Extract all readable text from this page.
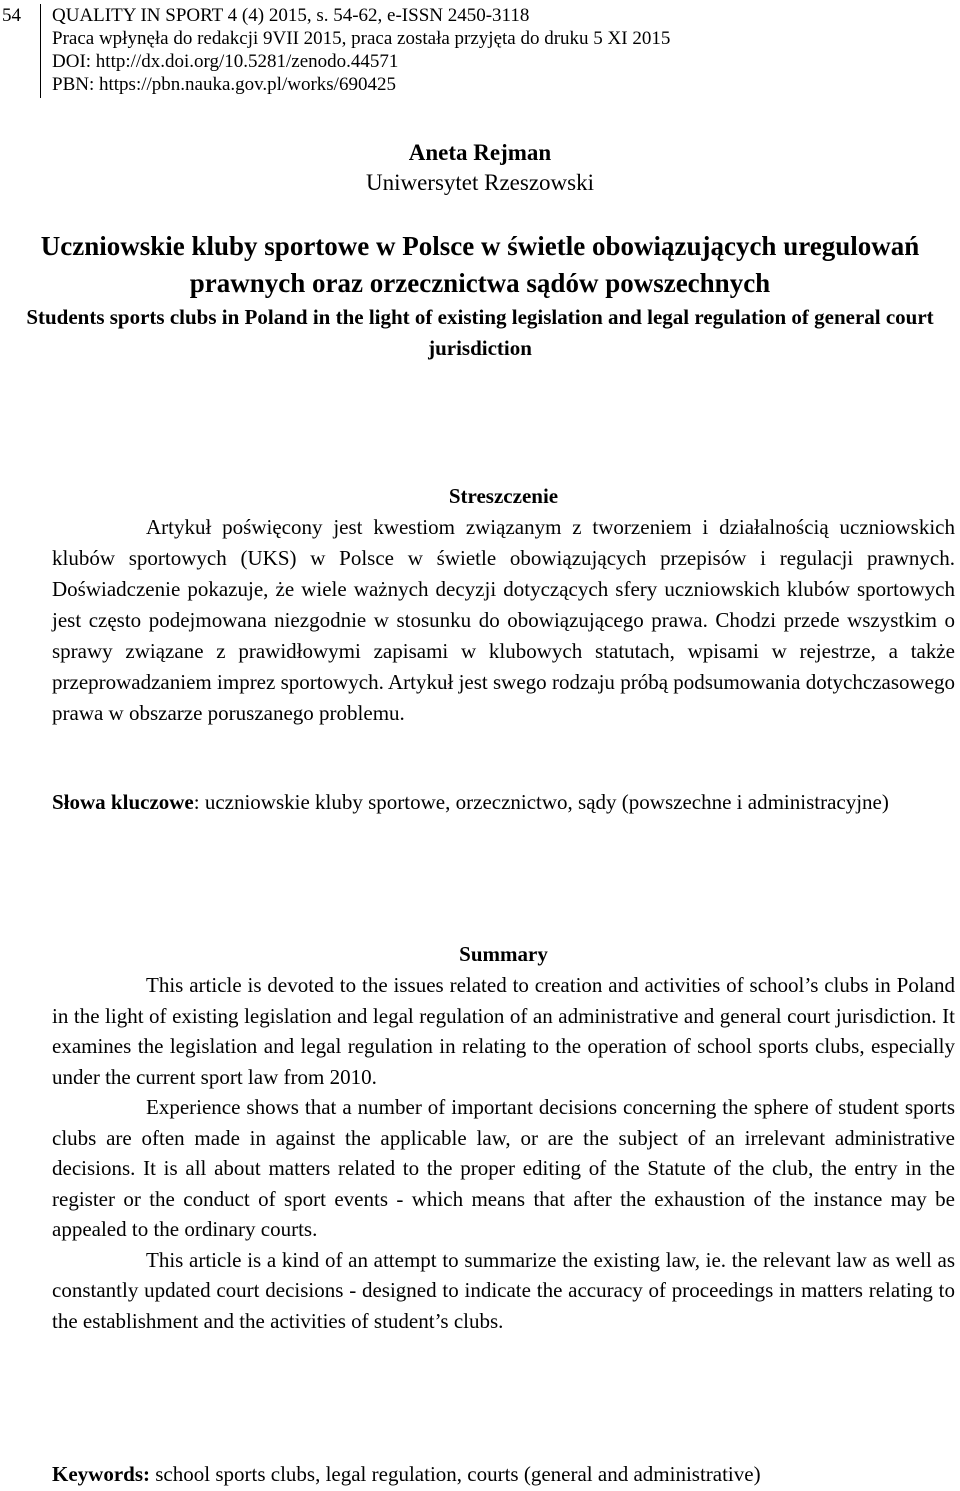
54 QUALITY IN SPORT 4 (4) 2015, s. 54-62, e-ISSN 2450-3118
Praca wpłynęła do redakcji 9VII 2015, praca została przyjęta do druku 5 XI 2015
DOI: http://dx.doi.org/10.5281/zenodo.44571
PBN: https://pbn.nauka.gov.pl/works/690425
Aneta Rejman
Uniwersytet Rzeszowski
Uczniowskie kluby sportowe w Polsce w świetle obowiązujących uregulowań prawnych oraz orzecznictwa sądów powszechnych
Students sports clubs in Poland in the light of existing legislation and legal regulation of general court jurisdiction
Streszczenie

Artykuł poświęcony jest kwestiom związanym z tworzeniem i działalnością uczniowskich klubów sportowych (UKS) w Polsce w świetle obowiązujących przepisów i regulacji prawnych. Doświadczenie pokazuje, że wiele ważnych decyzji dotyczących sfery uczniowskich klubów sportowych jest często podejmowana niezgodnie w stosunku do obowiązującego prawa. Chodzi przede wszystkim o sprawy związane z prawidłowymi zapisami w klubowych statutach, wpisami w rejestrze, a także przeprowadzaniem imprez sportowych. Artykuł jest swego rodzaju próbą podsumowania dotychczasowego prawa w obszarze poruszanego problemu.

Słowa kluczowe: uczniowskie kluby sportowe, orzecznictwo, sądy (powszechne i administracyjne)

Summary

This article is devoted to the issues related to creation and activities of school’s clubs in Poland in the light of existing legislation and legal regulation of an administrative and general court jurisdiction. It examines the legislation and legal regulation in relating to the operation of school sports clubs, especially under the current sport law from 2010.

Experience shows that a number of important decisions concerning the sphere of student sports clubs are often made in against the applicable law, or are the subject of an irrelevant administrative decisions. It is all about matters related to the proper editing of the Statute of the club, the entry in the register or the conduct of sport events - which means that after the exhaustion of the instance may be appealed to the ordinary courts.

This article is a kind of an attempt to summarize the existing law, ie. the relevant law as well as constantly updated court decisions - designed to indicate the accuracy of proceedings in matters relating to the establishment and the activities of student’s clubs.

Keywords: school sports clubs, legal regulation, courts (general and administrative)
